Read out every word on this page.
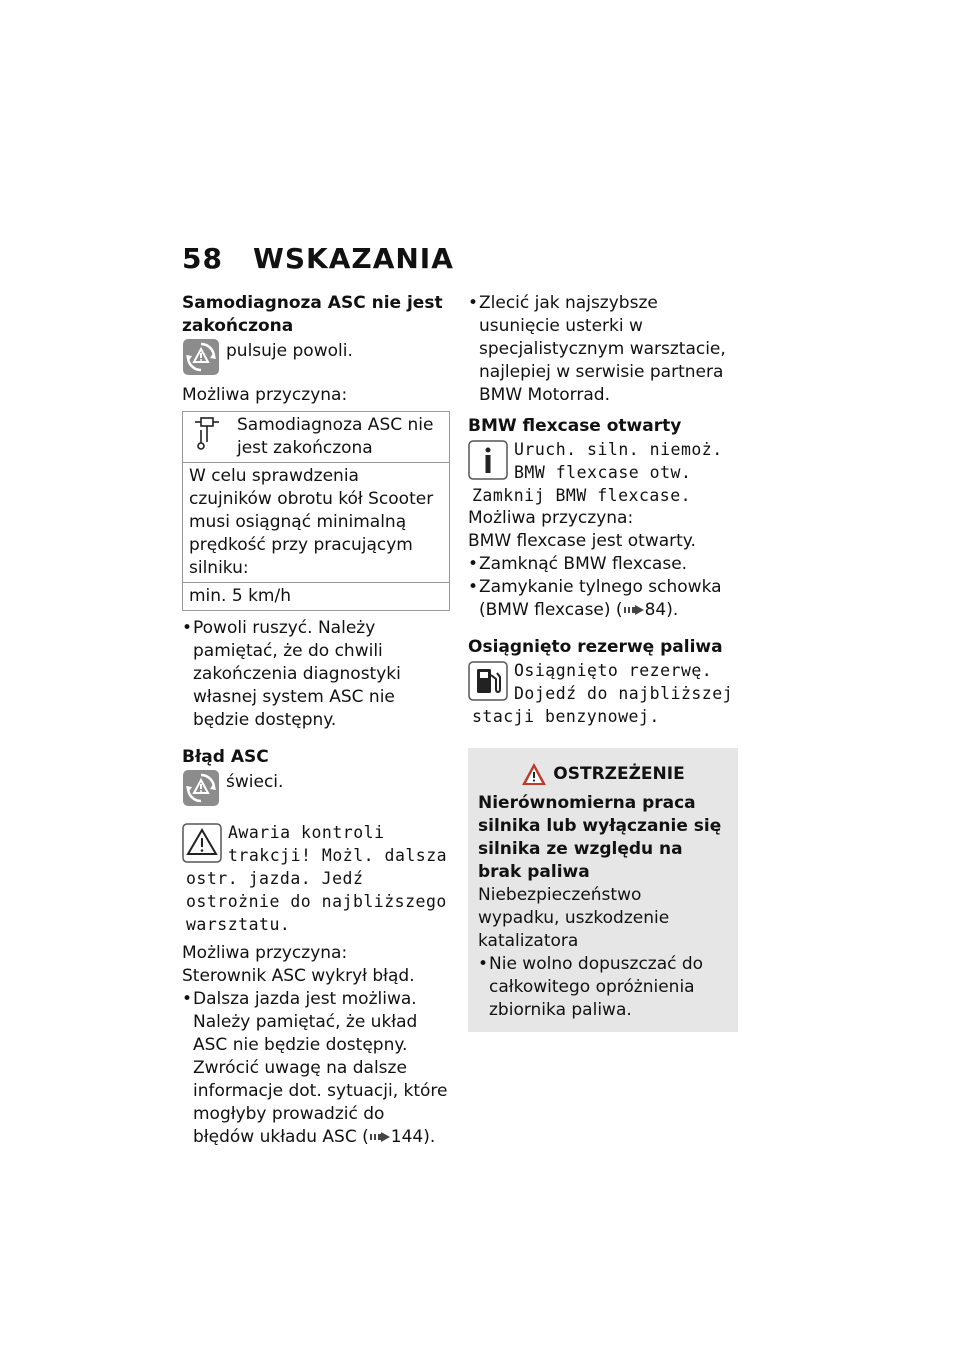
58 WSKAZANIA
Samodiagnoza ASC nie jest zakończona
pulsuje powoli.
Możliwa przyczyna:
Samodiagnoza ASC nie jest zakończona
W celu sprawdzenia czujników obrotu kół Scooter musi osiągnąć minimalną prędkość przy pracującym silniku:
min. 5 km/h
• Powoli ruszyć. Należy pamiętać, że do chwili zakończenia diagnostyki własnej system ASC nie będzie dostępny.
Błąd ASC
świeci.
Awaria kontroli trakcji! Możl. dalsza ostr. jazda. Jedź ostrożnie do najbliższego warsztatu.
Możliwa przyczyna:
Sterownik ASC wykrył błąd.
• Dalsza jazda jest możliwa. Należy pamiętać, że układ ASC nie będzie dostępny. Zwrócić uwagę na dalsze informacje dot. sytuacji, które mogłyby prowadzić do błędów układu ASC ( 144).
• Zlecić jak najszybsze usunięcie usterki w specjalistycznym warsztacie, najlepiej w serwisie partnera BMW Motorrad.
BMW flexcase otwarty
Uruch. siln. niemoż. BMW flexcase otw. Zamknij BMW flexcase.
Możliwa przyczyna:
BMW flexcase jest otwarty.
• Zamknąć BMW flexcase.
• Zamykanie tylnego schowka (BMW flexcase) ( 84).
Osiągnięto rezerwę paliwa
Osiągnięto rezerwę. Dojedź do najbliższej stacji benzynowej.
OSTRZEŻENIE
Nierównomierna praca silnika lub wyłączanie się silnika ze względu na brak paliwa
Niebezpieczeństwo wypadku, uszkodzenie katalizatora
• Nie wolno dopuszczać do całkowitego opróżnienia zbiornika paliwa.
